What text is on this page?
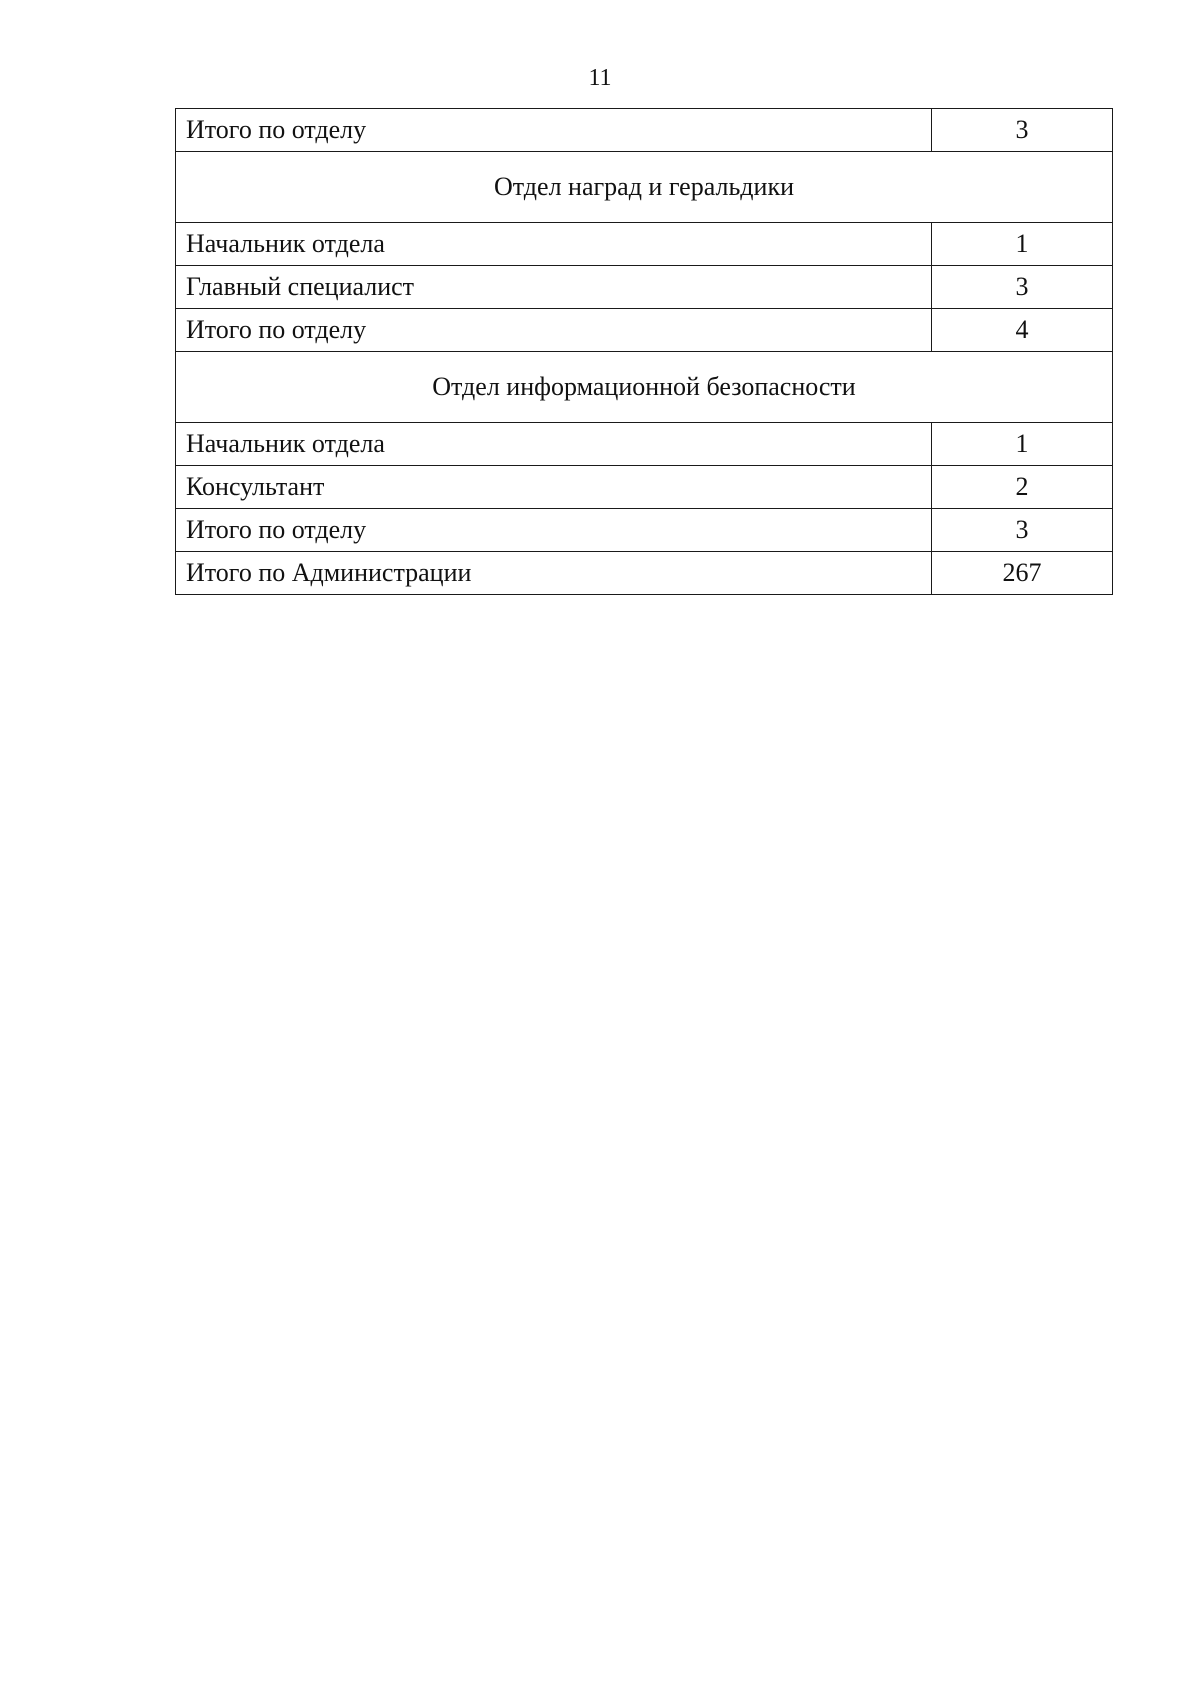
11
Итого по отделу	3
Отдел наград и геральдики	
Начальник отдела	1
Главный специалист	3
Итого по отделу	4
Отдел информационной безопасности	
Начальник отдела	1
Консультант	2
Итого по отделу	3
Итого по Администрации	267
